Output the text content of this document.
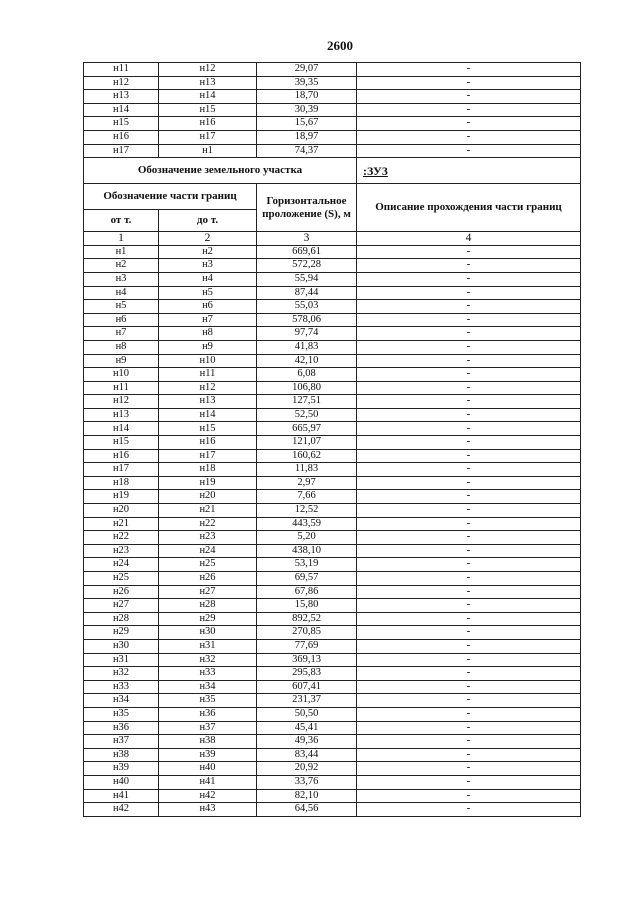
2600
н11	н12	29,07	-
н12	н13	39,35	-
н13	н14	18,70	-
н14	н15	30,39	-
н15	н16	15,67	-
н16	н17	18,97	-
н17	н1	74,37	-
Обозначение земельного участка			:ЗУ3
Обозначение части границ		Горизонтальное проложение (S), м	Описание прохождения части границ
от т.	до т.		
1	2	3	4
н1	н2	669,61	-
н2	н3	572,28	-
н3	н4	55,94	-
н4	н5	87,44	-
н5	н6	55,03	-
н6	н7	578,06	-
н7	н8	97,74	-
н8	н9	41,83	-
н9	н10	42,10	-
н10	н11	6,08	-
н11	н12	106,80	-
н12	н13	127,51	-
н13	н14	52,50	-
н14	н15	665,97	-
н15	н16	121,07	-
н16	н17	160,62	-
н17	н18	11,83	-
н18	н19	2,97	-
н19	н20	7,66	-
н20	н21	12,52	-
н21	н22	443,59	-
н22	н23	5,20	-
н23	н24	438,10	-
н24	н25	53,19	-
н25	н26	69,57	-
н26	н27	67,86	-
н27	н28	15,80	-
н28	н29	892,52	-
н29	н30	270,85	-
н30	н31	77,69	-
н31	н32	369,13	-
н32	н33	295,83	-
н33	н34	607,41	-
н34	н35	231,37	-
н35	н36	50,50	-
н36	н37	45,41	-
н37	н38	49,36	-
н38	н39	83,44	-
н39	н40	20,92	-
н40	н41	33,76	-
н41	н42	82,10	-
н42	н43	64,56	-
